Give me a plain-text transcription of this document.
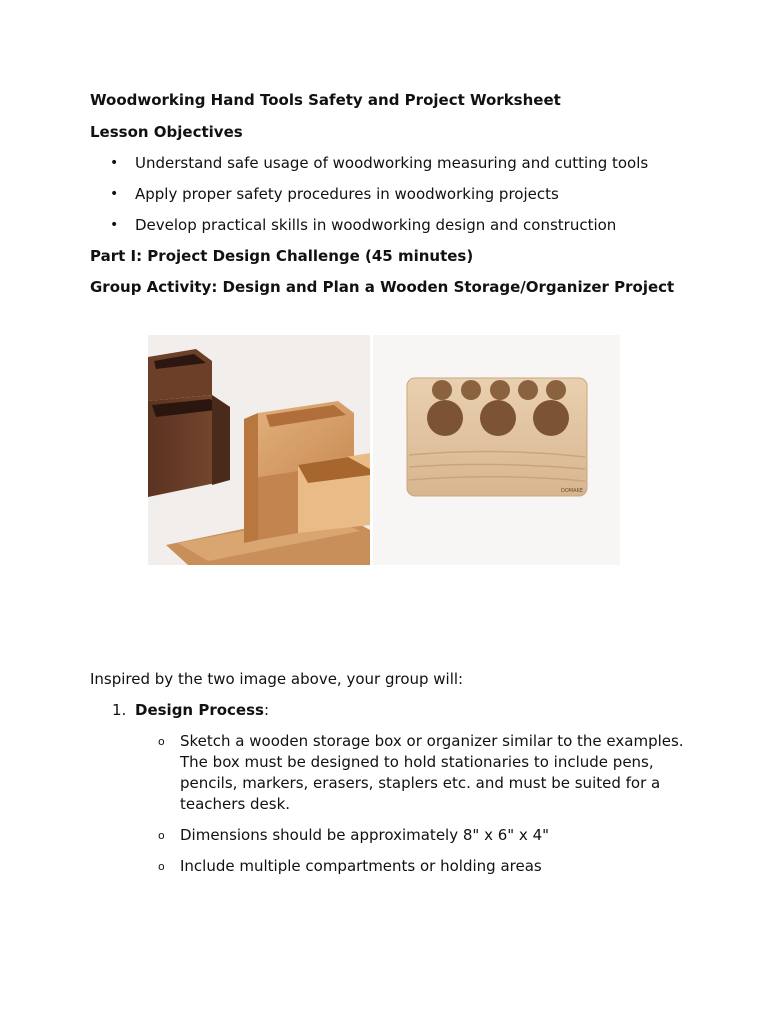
Woodworking Hand Tools Safety and Project Worksheet
Lesson Objectives
• Understand safe usage of woodworking measuring and cutting tools
• Apply proper safety procedures in woodworking projects
• Develop practical skills in woodworking design and construction
Part I: Project Design Challenge (45 minutes)
Group Activity: Design and Plan a Wooden Storage/Organizer Project
DOMAKE
Inspired by the two image above, your group will:
1. Design Process:
o Sketch a wooden storage box or organizer similar to the examples. The box must be designed to hold stationaries to include pens, pencils, markers, erasers, staplers etc. and must be suited for a teachers desk.
o Dimensions should be approximately 8" x 6" x 4"
o Include multiple compartments or holding areas
